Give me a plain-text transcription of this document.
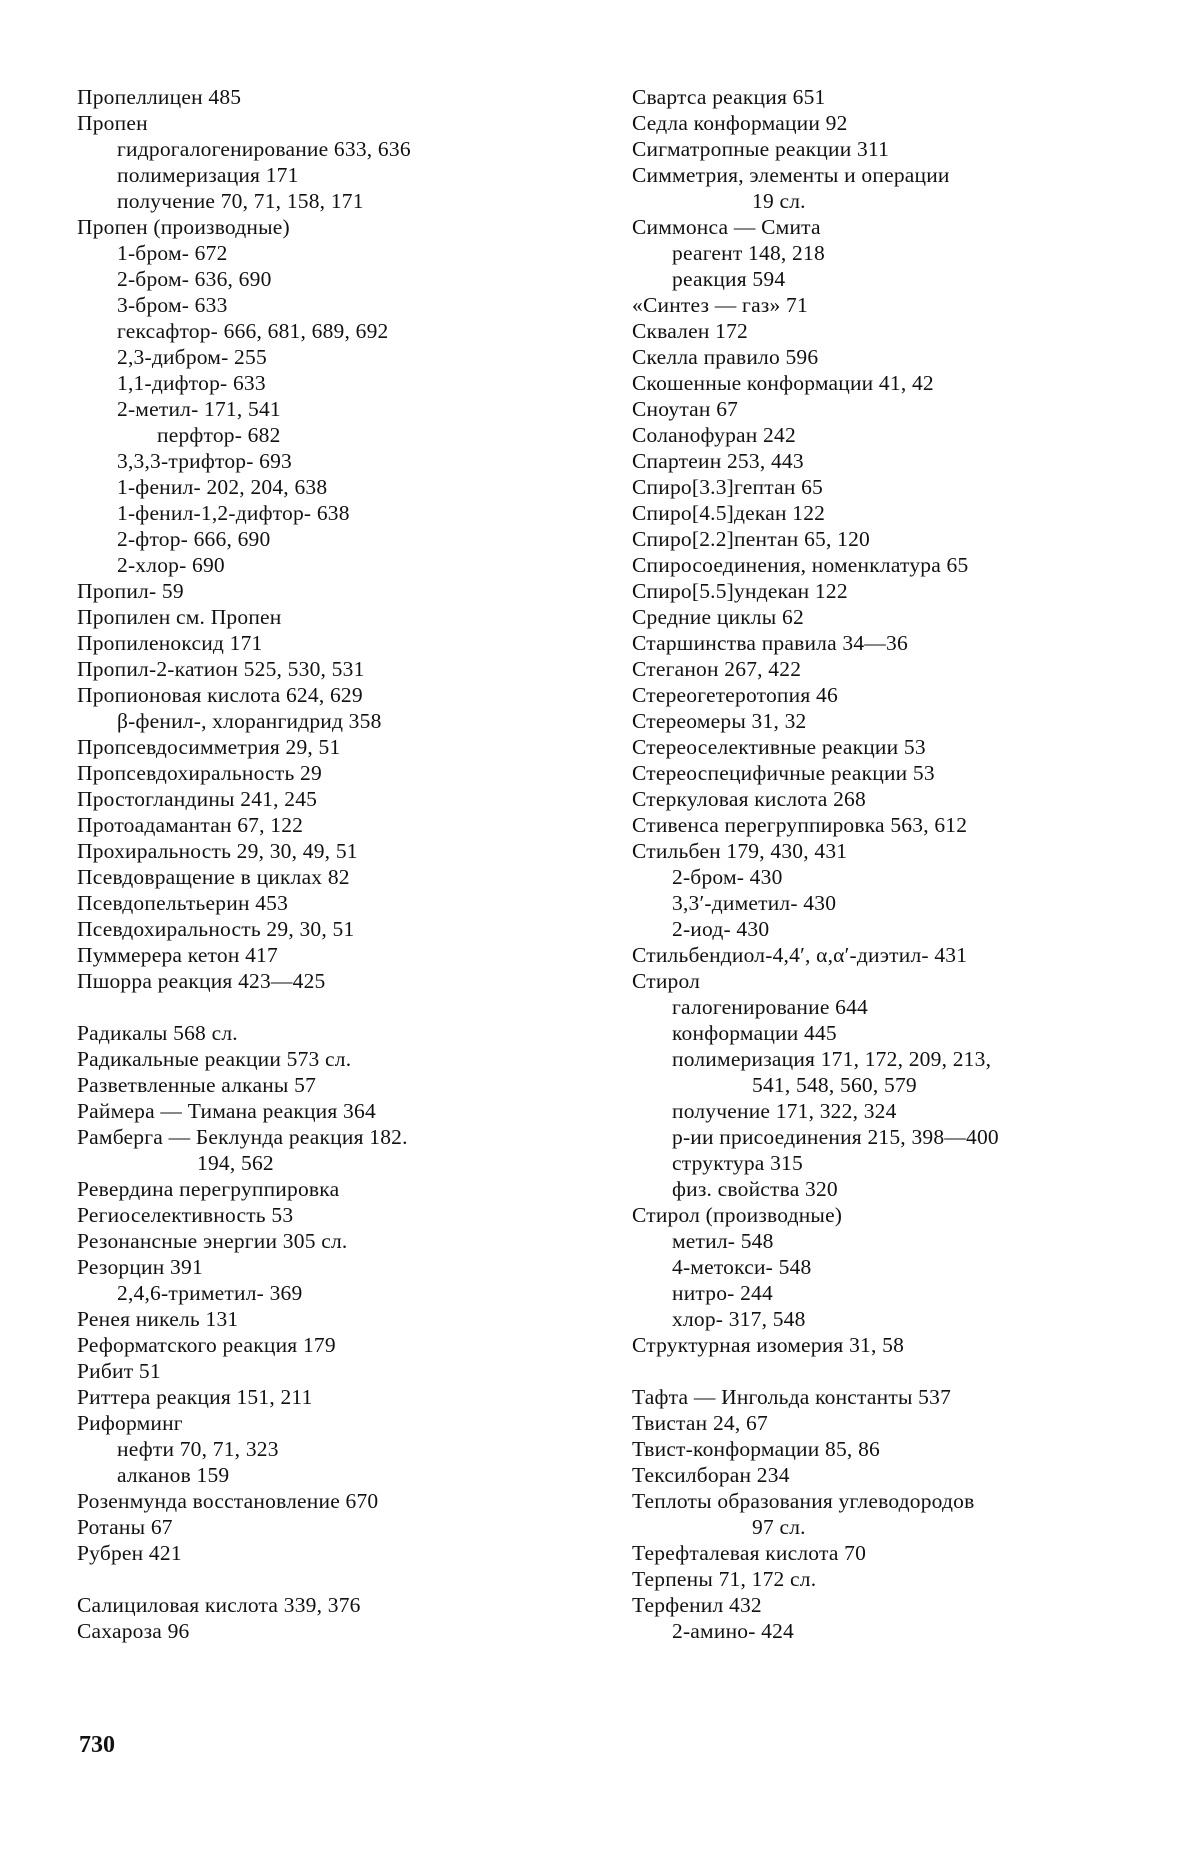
Пропеллицен 485
Пропен
гидрогалогенирование 633, 636
полимеризация 171
получение 70, 71, 158, 171
Пропен (производные)
1-бром- 672
2-бром- 636, 690
3-бром- 633
гексафтор- 666, 681, 689, 692
2,3-дибром- 255
1,1-дифтор- 633
2-метил- 171, 541
перфтор- 682
3,3,3-трифтор- 693
1-фенил- 202, 204, 638
1-фенил-1,2-дифтор- 638
2-фтор- 666, 690
2-хлор- 690
Пропил- 59
Пропилен см. Пропен
Пропиленоксид 171
Пропил-2-катион 525, 530, 531
Пропионовая кислота 624, 629
β-фенил-, хлорангидрид 358
Пропсевдосимметрия 29, 51
Пропсевдохиральность 29
Простогландины 241, 245
Протоадамантан 67, 122
Прохиральность 29, 30, 49, 51
Псевдовращение в циклах 82
Псевдопельтьерин 453
Псевдохиральность 29, 30, 51
Пуммерера кетон 417
Пшорра реакция 423—425
Радикалы 568 сл.
Радикальные реакции 573 сл.
Разветвленные алканы 57
Раймера — Тимана реакция 364
Рамберга — Беклунда реакция 182.
194, 562
Ревердина перегруппировка
Региоселективность 53
Резонансные энергии 305 сл.
Резорцин 391
2,4,6-триметил- 369
Ренея никель 131
Реформатского реакция 179
Рибит 51
Риттера реакция 151, 211
Риформинг
нефти 70, 71, 323
алканов 159
Розенмунда восстановление 670
Ротаны 67
Рубрен 421
Салициловая кислота 339, 376
Сахароза 96
Свартса реакция 651
Седла конформации 92
Сигматропные реакции 311
Симметрия, элементы и операции
19 сл.
Симмонса — Смита
реагент 148, 218
реакция 594
«Синтез — газ» 71
Сквален 172
Скелла правило 596
Скошенные конформации 41, 42
Сноутан 67
Соланофуран 242
Спартеин 253, 443
Спиро[3.3]гептан 65
Спиро[4.5]декан 122
Спиро[2.2]пентан 65, 120
Спиросоединения, номенклатура 65
Спиро[5.5]ундекан 122
Средние циклы 62
Старшинства правила 34—36
Стеганон 267, 422
Стереогетеротопия 46
Стереомеры 31, 32
Стереоселективные реакции 53
Стереоспецифичные реакции 53
Стеркуловая кислота 268
Стивенса перегруппировка 563, 612
Стильбен 179, 430, 431
2-бром- 430
3,3′-диметил- 430
2-иод- 430
Стильбендиол-4,4′, α,α′-диэтил- 431
Стирол
галогенирование 644
конформации 445
полимеризация 171, 172, 209, 213,
541, 548, 560, 579
получение 171, 322, 324
р-ии присоединения 215, 398—400
структура 315
физ. свойства 320
Стирол (производные)
метил- 548
4-метокси- 548
нитро- 244
хлор- 317, 548
Структурная изомерия 31, 58
Тафта — Ингольда константы 537
Твистан 24, 67
Твист-конформации 85, 86
Тексилборан 234
Теплоты образования углеводородов
97 сл.
Терефталевая кислота 70
Терпены 71, 172 сл.
Терфенил 432
2-амино- 424
730
